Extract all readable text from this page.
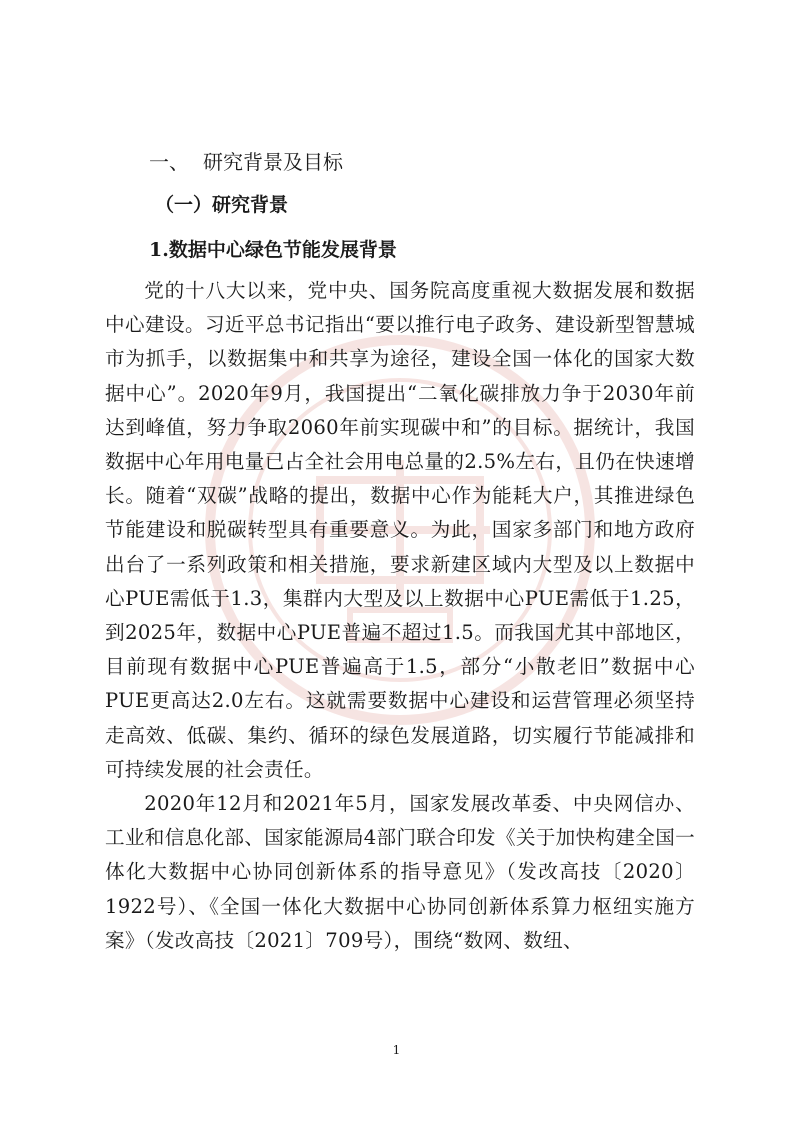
一、 研究背景及目标
（一）研究背景
1.数据中心绿色节能发展背景

党的十八大以来，党中央、国务院高度重视大数据发展和数据中心建设。习近平总书记指出“要以推行电子政务、建设新型智慧城市为抓手，以数据集中和共享为途径，建设全国一体化的国家大数据中心”。2020年9月，我国提出“二氧化碳排放力争于2030年前达到峰值，努力争取2060年前实现碳中和”的目标。据统计，我国数据中心年用电量已占全社会用电总量的2.5%左右，且仍在快速增长。随着“双碳”战略的提出，数据中心作为能耗大户，其推进绿色节能建设和脱碳转型具有重要意义。为此，国家多部门和地方政府出台了一系列政策和相关措施，要求新建区域内大型及以上数据中心PUE需低于1.3，集群内大型及以上数据中心PUE需低于1.25，到2025年，数据中心PUE普遍不超过1.5。而我国尤其中部地区，目前现有数据中心PUE普遍高于1.5，部分“小散老旧”数据中心PUE更高达2.0左右。这就需要数据中心建设和运营管理必须坚持走高效、低碳、集约、循环的绿色发展道路，切实履行节能减排和可持续发展的社会责任。

2020年12月和2021年5月，国家发展改革委、中央网信办、工业和信息化部、国家能源局4部门联合印发《关于加快构建全国一体化大数据中心协同创新体系的指导意见》（发改高技〔2020〕1922号）、《全国一体化大数据中心协同创新体系算力枢纽实施方案》（发改高技〔2021〕709号），围绕“数网、数纽、

1
